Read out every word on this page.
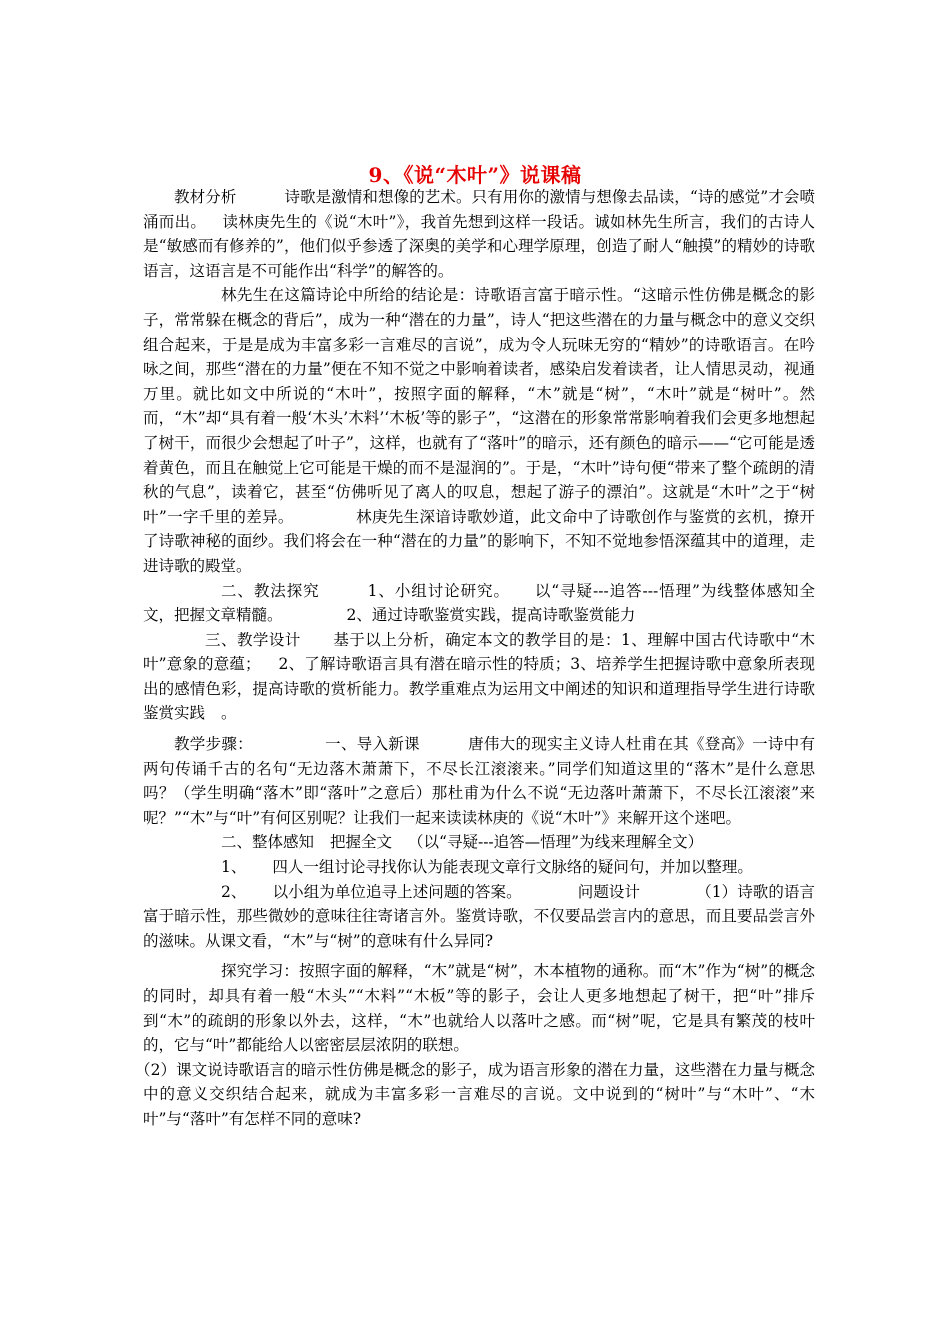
9、《说“木叶”》说课稿

教材分析	诗歌是激情和想像的艺术。只有用你的激情与想像去品读，“诗的感觉”才会喷涌而出。 读林庚先生的《说“木叶”》，我首先想到这样一段话。诚如林先生所言，我们的古诗人是“敏感而有修养的”，他们似乎参透了深奥的美学和心理学原理，创造了耐人“触摸”的精妙的诗歌语言，这语言是不可能作出“科学”的解答的。

林先生在这篇诗论中所给的结论是：诗歌语言富于暗示性。“这暗示性仿佛是概念的影子，常常躲在概念的背后”，成为一种“潜在的力量”，诗人“把这些潜在的力量与概念中的意义交织组合起来，于是是成为丰富多彩一言难尽的言说”，成为令人玩味无穷的“精妙”的诗歌语言。在吟咏之间，那些“潜在的力量”便在不知不觉之中影响着读者，感染启发着读者，让人情思灵动，视通万里。就比如文中所说的“木叶”，按照字面的解释，“木”就是“树”，“木叶”就是“树叶”。然而，“木”却“具有着一般‘木头’木料’‘木板’等的影子”，“这潜在的形象常常影响着我们会更多地想起了树干，而很少会想起了叶子”，这样，也就有了“落叶”的暗示，还有颜色的暗示——“它可能是透着黄色，而且在触觉上它可能是干燥的而不是湿润的”。于是，“木叶”诗句便“带来了整个疏朗的清秋的气息”，读着它，甚至“仿佛听见了离人的叹息，想起了游子的漂泊”。这就是“木叶”之于“树叶”一字千里的差异。	林庚先生深谙诗歌妙道，此文命中了诗歌创作与鉴赏的玄机，撩开了诗歌神秘的面纱。我们将会在一种“潜在的力量”的影响下，不知不觉地参悟深蕴其中的道理，走进诗歌的殿堂。

二、教法探究	1、小组讨论研究。 以“寻疑---追答---悟理”为线整体感知全文，把握文章精髓。	2、通过诗歌鉴赏实践，提高诗歌鉴赏能力

三、教学设计 基于以上分析，确定本文的教学目的是：1、理解中国古代诗歌中“木叶”意象的意蕴； 2、了解诗歌语言具有潜在暗示性的特质；3、培养学生把握诗歌中意象所表现出的感情色彩，提高诗歌的赏析能力。教学重难点为运用文中阐述的知识和道理指导学生进行诗歌鉴赏实践 。

教学步骤：	一、导入新课	唐伟大的现实主义诗人杜甫在其《登高》一诗中有两句传诵千古的名句“无边落木萧萧下，不尽长江滚滚来。”同学们知道这里的“落木”是什么意思吗？（学生明确“落木”即“落叶”之意后）那杜甫为什么不说“无边落叶萧萧下，不尽长江滚滚”来呢？”“木”与“叶”有何区别呢？让我们一起来读读林庚的《说“木叶”》来解开这个迷吧。

二、整体感知 把握全文 （以“寻疑---追答—悟理”为线来理解全文）

1、 四人一组讨论寻找你认为能表现文章行文脉络的疑问句，并加以整理。

2、 以小组为单位追寻上述问题的答案。	问题设计	（1）诗歌的语言富于暗示性，那些微妙的意味往往寄诸言外。鉴赏诗歌，不仅要品尝言内的意思，而且要品尝言外的滋味。从课文看，“木”与“树”的意味有什么异同?

探究学习：按照字面的解释，“木”就是“树”，木本植物的通称。而“木”作为“树”的概念的同时，却具有着一般“木头”“木料”“木板”等的影子，会让人更多地想起了树干，把“叶”排斥到“木”的疏朗的形象以外去，这样，“木”也就给人以落叶之感。而“树”呢，它是具有繁茂的枝叶的，它与“叶”都能给人以密密层层浓阴的联想。

（2）课文说诗歌语言的暗示性仿佛是概念的影子，成为语言形象的潜在力量，这些潜在力量与概念中的意义交织结合起来，就成为丰富多彩一言难尽的言说。文中说到的“树叶”与“木叶”、“木叶”与“落叶”有怎样不同的意味?
